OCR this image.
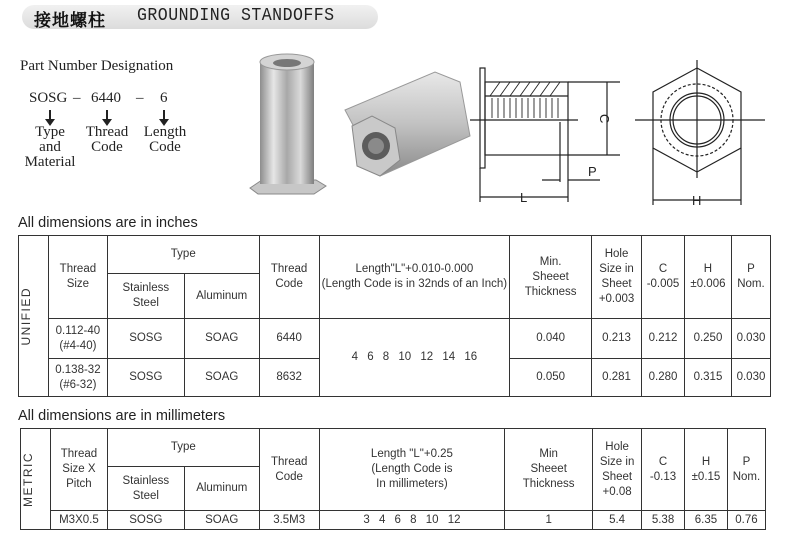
接地螺柱 GROUNDING STANDOFFS
Part Number Designation
SOSG – 6440 – 6
Type
and
Material
Thread
Code
Length
Code
C
P
L	H
All dimensions are in inches
UNIFIED

Thread
Size
	Type	
Thread
Code

Length"L"+0.010-0.000
(Length Code is in 32nds of an Inch)

Min.
Sheeet
Thickness

Hole
Size in
Sheet
+0.003

C
-0.005

H
±0.006

P
Nom.

		Stainless
Steel	Aluminum							

	0.112-40
(#4-40)	SOSG	SOAG	6440	4 6 8 10 12 14 16	0.040	0.213	0.212	0.250	0.030

	0.138-32
(#6-32)	SOSG	SOAG	8632		0.050	0.281	0.280	0.315	0.030
All dimensions are in millimeters
METRIC	Thread
Size X
Pitch
	Type	
Thread
Code

Length "L"+0.25
(Length Code is
In millimeters)

Min
Sheeet
Thickness

Hole
Size in
Sheet
+0.08

C
-0.13

H
±0.15

P
Nom.

		Stainless
Steel	Aluminum							
	M3X0.5	SOSG	SOAG	3.5M3	3 4 6 8 10 12	1	5.4	5.38	6.35	0.76
